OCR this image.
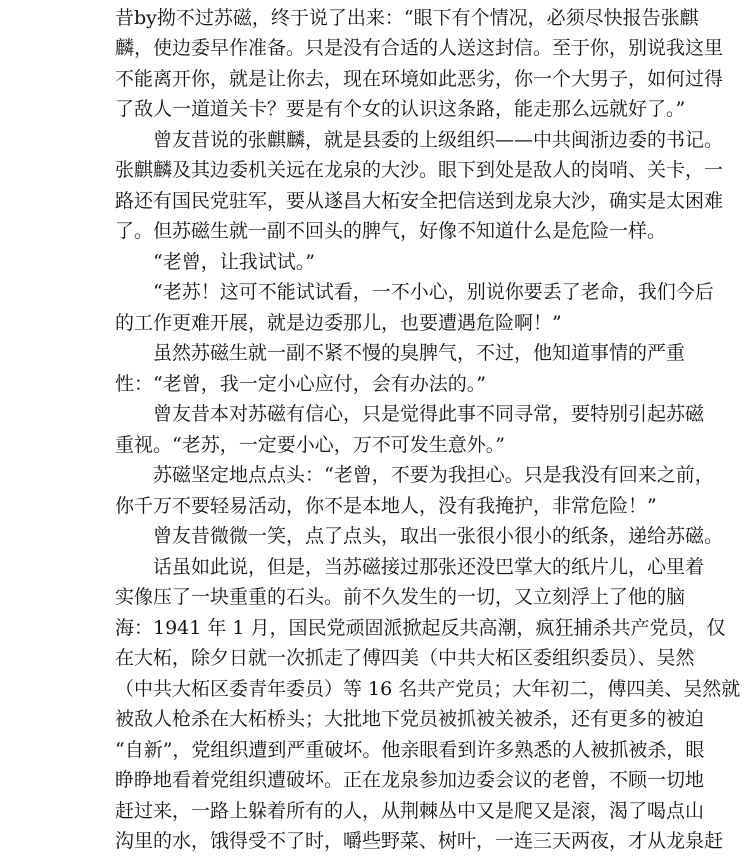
昔by拗不过苏磁，终于说了出来：“眼下有个情况，必须尽快报告张麒
麟，使边委早作准备。只是没有合适的人送这封信。至于你，别说我这里
不能离开你，就是让你去，现在环境如此恶劣，你一个大男子，如何过得
了敌人一道道关卡？要是有个女的认识这条路，能走那么远就好了。”
曾友昔说的张麒麟，就是县委的上级组织——中共闽浙边委的书记。
张麒麟及其边委机关远在龙泉的大沙。眼下到处是敌人的岗哨、关卡，一
路还有国民党驻军，要从遂昌大柘安全把信送到龙泉大沙，确实是太困难
了。但苏磁生就一副不回头的脾气，好像不知道什么是危险一样。
“老曾，让我试试。”
“老苏！这可不能试试看，一不小心，别说你要丢了老命，我们今后
的工作更难开展，就是边委那儿，也要遭遇危险啊！”
虽然苏磁生就一副不紧不慢的臭脾气，不过，他知道事情的严重
性：“老曾，我一定小心应付，会有办法的。”
曾友昔本对苏磁有信心，只是觉得此事不同寻常，要特别引起苏磁
重视。“老苏，一定要小心，万不可发生意外。”
苏磁坚定地点点头：“老曾，不要为我担心。只是我没有回来之前，
你千万不要轻易活动，你不是本地人，没有我掩护，非常危险！”
曾友昔微微一笑，点了点头，取出一张很小很小的纸条，递给苏磁。
话虽如此说，但是，当苏磁接过那张还没巴掌大的纸片儿，心里着
实像压了一块重重的石头。前不久发生的一切，又立刻浮上了他的脑
海：1941 年 1 月，国民党顽固派掀起反共高潮，疯狂捕杀共产党员，仅
在大柘，除夕日就一次抓走了傅四美（中共大柘区委组织委员）、吴然
（中共大柘区委青年委员）等 16 名共产党员；大年初二，傅四美、吴然就
被敌人枪杀在大柘桥头；大批地下党员被抓被关被杀，还有更多的被迫
“自新”，党组织遭到严重破坏。他亲眼看到许多熟悉的人被抓被杀，眼
睁睁地看着党组织遭破坏。正在龙泉参加边委会议的老曾，不顾一切地
赶过来，一路上躲着所有的人，从荆棘丛中又是爬又是滚，渴了喝点山
沟里的水，饿得受不了时，嚼些野菜、树叶，一连三天两夜，才从龙泉赶
